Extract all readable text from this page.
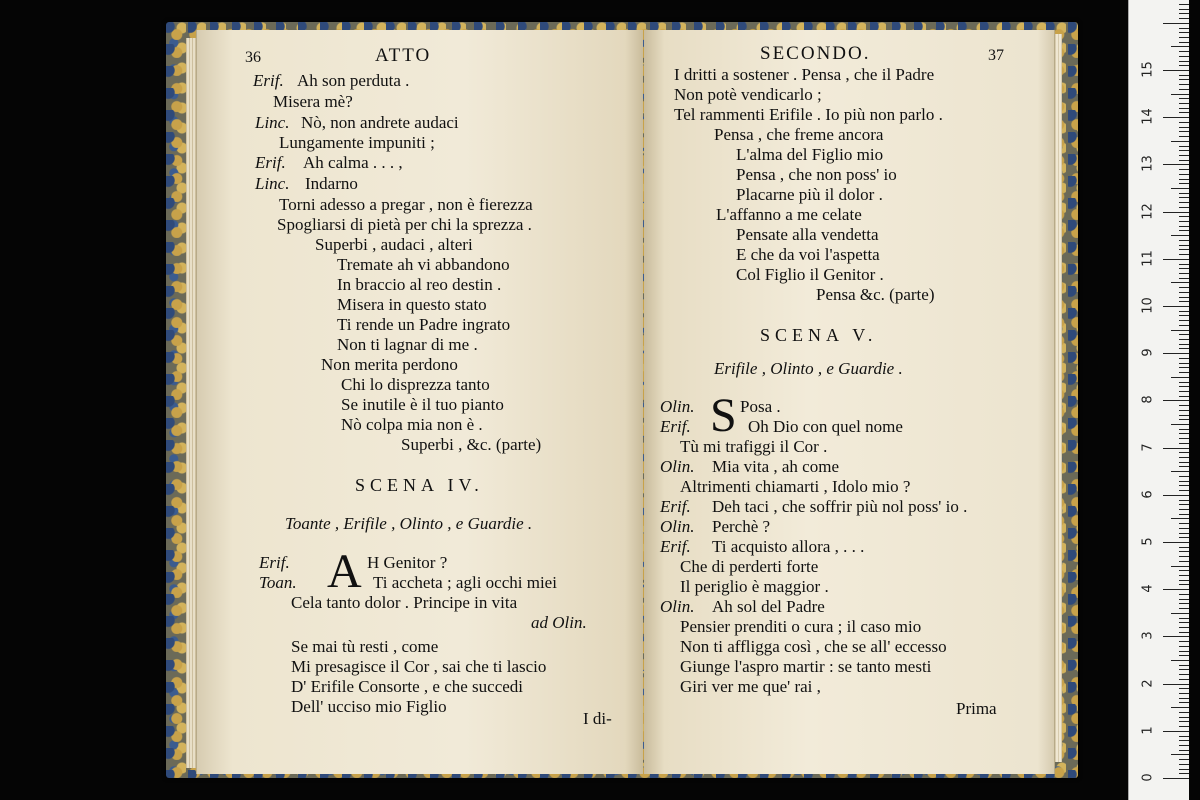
36	ATTO
Erif. Ah son perduta .
Misera mè?
Linc. Nò, non andrete audaci
Lungamente impuniti ;
Erif. Ah calma . . . ,
Linc. Indarno
Torni adesso a pregar , non è fierezza
Spogliarsi di pietà per chi la sprezza .
Superbi , audaci , alteri
Tremate ah vi abbandono
In braccio al reo destin .
Misera in questo stato
Ti rende un Padre ingrato
Non ti lagnar di me .
Non merita perdono
Chi lo disprezza tanto
Se inutile è il tuo pianto
Nò colpa mia non è .
Superbi , &c. (parte)
SCENA IV.
Toante , Erifile , Olinto , e Guardie .
A
Erif.	H Genitor ?
Toan.	Ti accheta ; agli occhi miei
Cela tanto dolor . Principe in vita
ad Olin.
Se mai tù resti , come
Mi presagisce il Cor , sai che ti lascio
D' Erifile Consorte , e che succedi
Dell' ucciso mio Figlio
I di-
SECONDO.	37
I dritti a sostener . Pensa , che il Padre
Non potè vendicarlo ;
Tel rammenti Erifile . Io più non parlo .
Pensa , che freme ancora
L'alma del Figlio mio
Pensa , che non poss' io
Placarne più il dolor .
L'affanno a me celate
Pensate alla vendetta
E che da voi l'aspetta
Col Figlio il Genitor .
Pensa &c. (parte)
SCENA V.
Erifile , Olinto , e Guardie .
S
Olin.	Posa .
Erif.	Oh Dio con quel nome
Tù mi trafiggi il Cor .
Olin. Mia vita , ah come
Altrimenti chiamarti , Idolo mio ?
Erif. Deh taci , che soffrir più nol poss' io .
Olin. Perchè ?
Erif. Ti acquisto allora , . . .
Che di perderti forte
Il periglio è maggior .
Olin. Ah sol del Padre
Pensier prenditi o cura ; il caso mio
Non ti affligga così , che se all' eccesso
Giunge l'aspro martir : se tanto mesti
Giri ver me que' rai ,
Prima
0
1
2
3
4
5
6
7
8
9
10
11
12
13
14
15
